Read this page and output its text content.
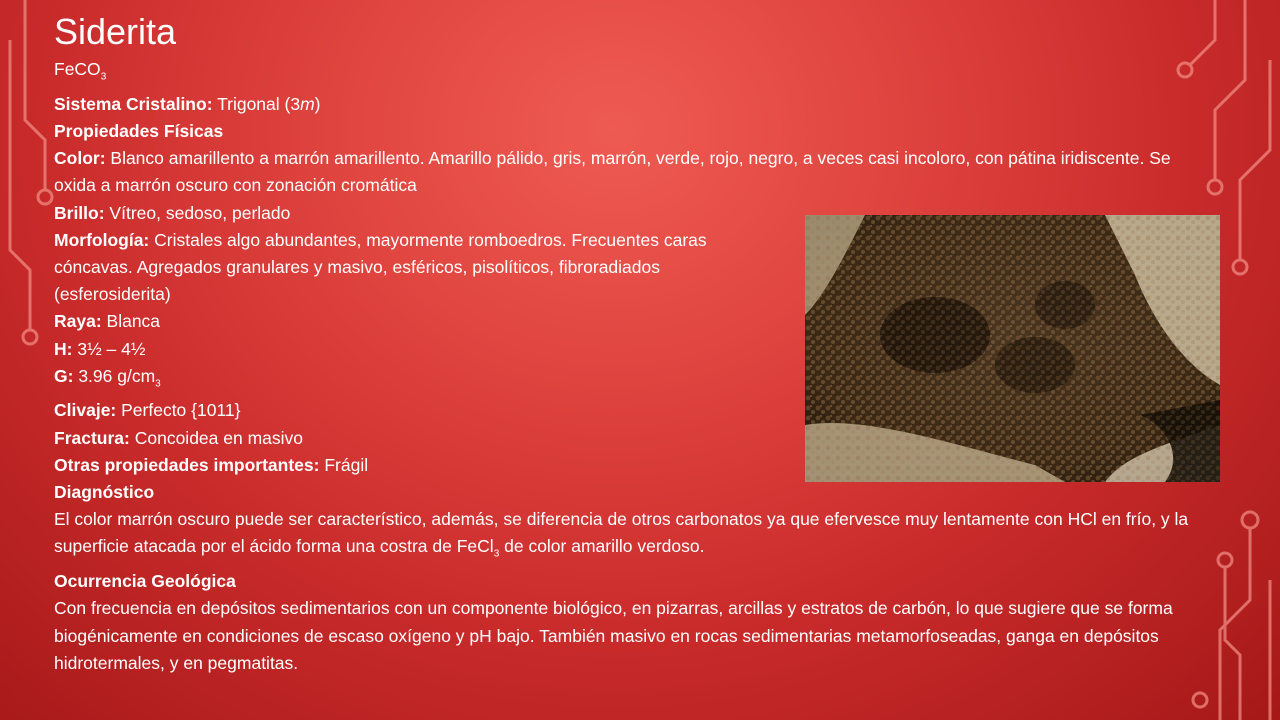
Siderita
FeCO$_3$
Sistema Cristalino: Trigonal (3m)
Propiedades Físicas
Color: Blanco amarillento a marrón amarillento. Amarillo pálido, gris, marrón, verde, rojo, negro, a veces casi incoloro, con pátina iridiscente. Se oxida a marrón oscuro con zonación cromática
Brillo: Vítreo, sedoso, perlado
Morfología: Cristales algo abundantes, mayormente romboedros. Frecuentes caras cóncavas. Agregados granulares y masivo, esféricos, pisolíticos, fibroradiados (esferosiderita)
Raya: Blanca
H: 3½ – 4½
G: 3.96 $g/cm_3$
Clivaje: Perfecto {1011}
Fractura: Concoidea en masivo
Otras propiedades importantes: Frágil
Diagnóstico
El color marrón oscuro puede ser característico, además, se diferencia de otros carbonatos ya que efervesce muy lentamente con HCl en frío, y la superficie atacada por el ácido forma una costra de FeCl$_3$ de color amarillo verdoso.
Ocurrencia Geológica
Con frecuencia en depósitos sedimentarios con un componente biológico, en pizarras, arcillas y estratos de carbón, lo que sugiere que se forma biogénicamente en condiciones de escaso oxígeno y pH bajo. También masivo en rocas sedimentarias metamorfoseadas, ganga en depósitos hidrotermales, y en pegmatitas.
